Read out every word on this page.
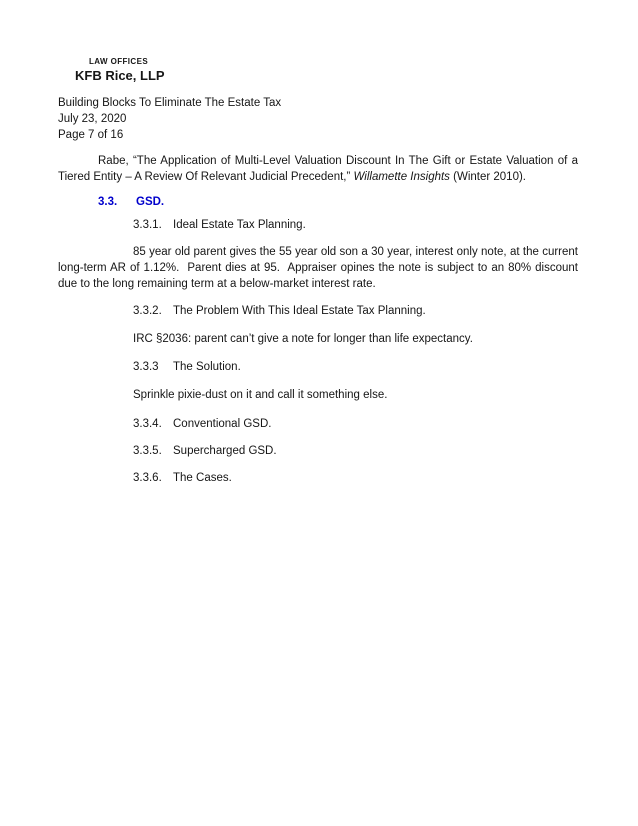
LAW OFFICES
KFB Rice, LLP
Building Blocks To Eliminate The Estate Tax
July 23, 2020
Page 7 of 16

Rabe, “The Application of Multi-Level Valuation Discount In The Gift or Estate Valuation of a Tiered Entity – A Review Of Relevant Judicial Precedent,” Willamette Insights (Winter 2010).

3.3. GSD.

3.3.1. Ideal Estate Tax Planning.

85 year old parent gives the 55 year old son a 30 year, interest only note, at the current long-term AR of 1.12%.  Parent dies at 95.  Appraiser opines the note is subject to an 80% discount due to the long remaining term at a below-market interest rate.

3.3.2. The Problem With This Ideal Estate Tax Planning.

IRC §2036: parent can’t give a note for longer than life expectancy.

3.3.3 The Solution.

Sprinkle pixie-dust on it and call it something else.

3.3.4. Conventional GSD.

3.3.5. Supercharged GSD.

3.3.6. The Cases.
